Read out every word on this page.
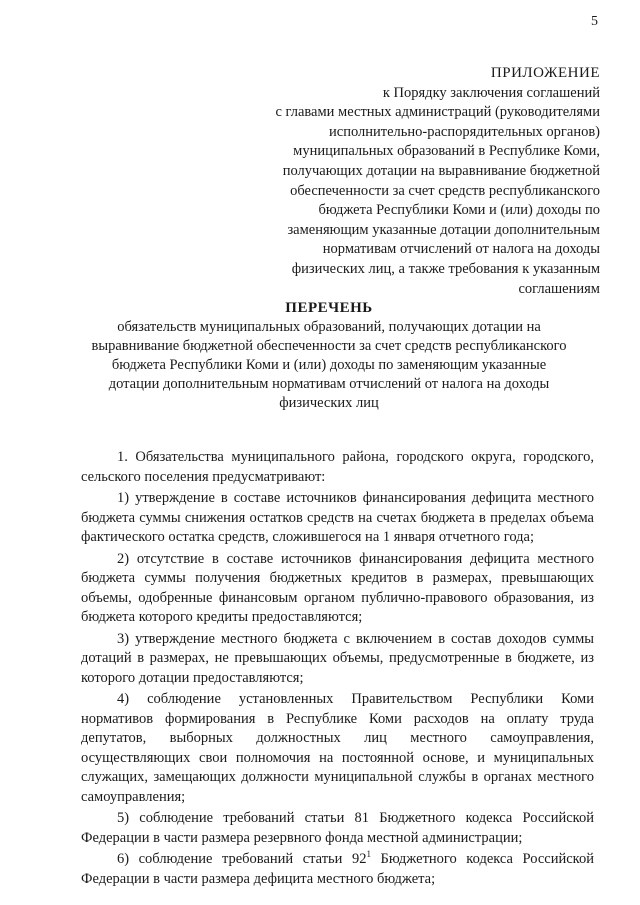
5
ПРИЛОЖЕНИЕ
к Порядку заключения соглашений
с главами местных администраций (руководителями
исполнительно-распорядительных органов)
муниципальных образований в Республике Коми,
получающих дотации на выравнивание бюджетной
обеспеченности за счет средств республиканского
бюджета Республики Коми и (или) доходы по
заменяющим указанные дотации дополнительным
нормативам отчислений от налога на доходы
физических лиц, а также требования к указанным
соглашениям
ПЕРЕЧЕНЬ
обязательств муниципальных образований, получающих дотации на
выравнивание бюджетной обеспеченности за счет средств республиканского
бюджета Республики Коми и (или) доходы по заменяющим указанные
дотации дополнительным нормативам отчислений от налога на доходы
физических лиц

1. Обязательства муниципального района, городского округа, городского, сельского поселения предусматривают:

1) утверждение в составе источников финансирования дефицита местного бюджета суммы снижения остатков средств на счетах бюджета в пределах объема фактического остатка средств, сложившегося на 1 января отчетного года;

2) отсутствие в составе источников финансирования дефицита местного бюджета суммы получения бюджетных кредитов в размерах, превышающих объемы, одобренные финансовым органом публично-правового образования, из бюджета которого кредиты предоставляются;

3) утверждение местного бюджета с включением в состав доходов суммы дотаций в размерах, не превышающих объемы, предусмотренные в бюджете, из которого дотации предоставляются;

4) соблюдение установленных Правительством Республики Коми нормативов формирования в Республике Коми расходов на оплату труда депутатов, выборных должностных лиц местного самоуправления, осуществляющих свои полномочия на постоянной основе, и муниципальных служащих, замещающих должности муниципальной службы в органах местного самоуправления;

5) соблюдение требований статьи 81 Бюджетного кодекса Российской Федерации в части размера резервного фонда местной администрации;

6) соблюдение требований статьи $92^1$ Бюджетного кодекса Российской Федерации в части размера дефицита местного бюджета;
